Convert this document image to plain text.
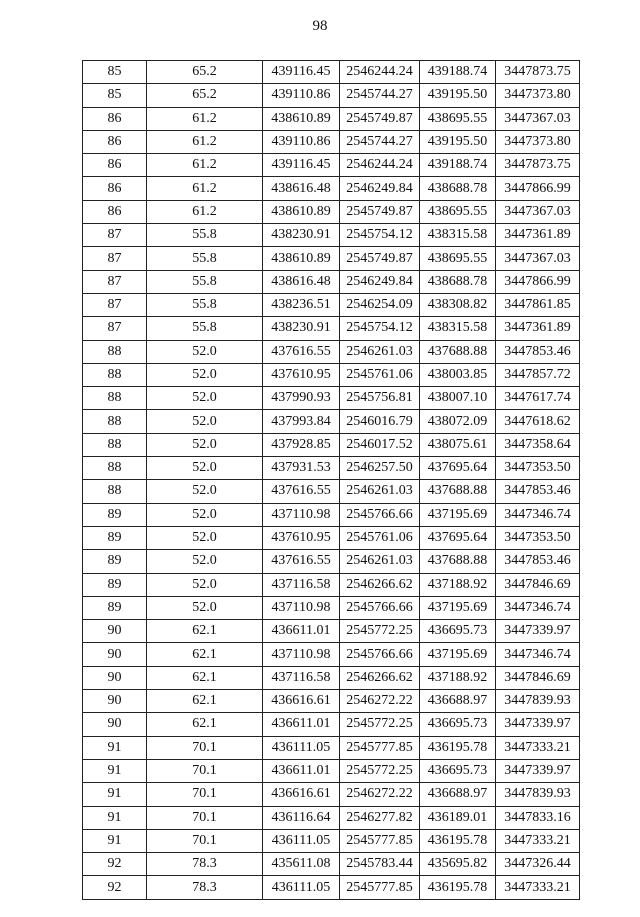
98
85	65.2	439116.45	2546244.24	439188.74	3447873.75
85	65.2	439110.86	2545744.27	439195.50	3447373.80
86	61.2	438610.89	2545749.87	438695.55	3447367.03
86	61.2	439110.86	2545744.27	439195.50	3447373.80
86	61.2	439116.45	2546244.24	439188.74	3447873.75
86	61.2	438616.48	2546249.84	438688.78	3447866.99
86	61.2	438610.89	2545749.87	438695.55	3447367.03
87	55.8	438230.91	2545754.12	438315.58	3447361.89
87	55.8	438610.89	2545749.87	438695.55	3447367.03
87	55.8	438616.48	2546249.84	438688.78	3447866.99
87	55.8	438236.51	2546254.09	438308.82	3447861.85
87	55.8	438230.91	2545754.12	438315.58	3447361.89
88	52.0	437616.55	2546261.03	437688.88	3447853.46
88	52.0	437610.95	2545761.06	438003.85	3447857.72
88	52.0	437990.93	2545756.81	438007.10	3447617.74
88	52.0	437993.84	2546016.79	438072.09	3447618.62
88	52.0	437928.85	2546017.52	438075.61	3447358.64
88	52.0	437931.53	2546257.50	437695.64	3447353.50
88	52.0	437616.55	2546261.03	437688.88	3447853.46
89	52.0	437110.98	2545766.66	437195.69	3447346.74
89	52.0	437610.95	2545761.06	437695.64	3447353.50
89	52.0	437616.55	2546261.03	437688.88	3447853.46
89	52.0	437116.58	2546266.62	437188.92	3447846.69
89	52.0	437110.98	2545766.66	437195.69	3447346.74
90	62.1	436611.01	2545772.25	436695.73	3447339.97
90	62.1	437110.98	2545766.66	437195.69	3447346.74
90	62.1	437116.58	2546266.62	437188.92	3447846.69
90	62.1	436616.61	2546272.22	436688.97	3447839.93
90	62.1	436611.01	2545772.25	436695.73	3447339.97
91	70.1	436111.05	2545777.85	436195.78	3447333.21
91	70.1	436611.01	2545772.25	436695.73	3447339.97
91	70.1	436616.61	2546272.22	436688.97	3447839.93
91	70.1	436116.64	2546277.82	436189.01	3447833.16
91	70.1	436111.05	2545777.85	436195.78	3447333.21
92	78.3	435611.08	2545783.44	435695.82	3447326.44
92	78.3	436111.05	2545777.85	436195.78	3447333.21
